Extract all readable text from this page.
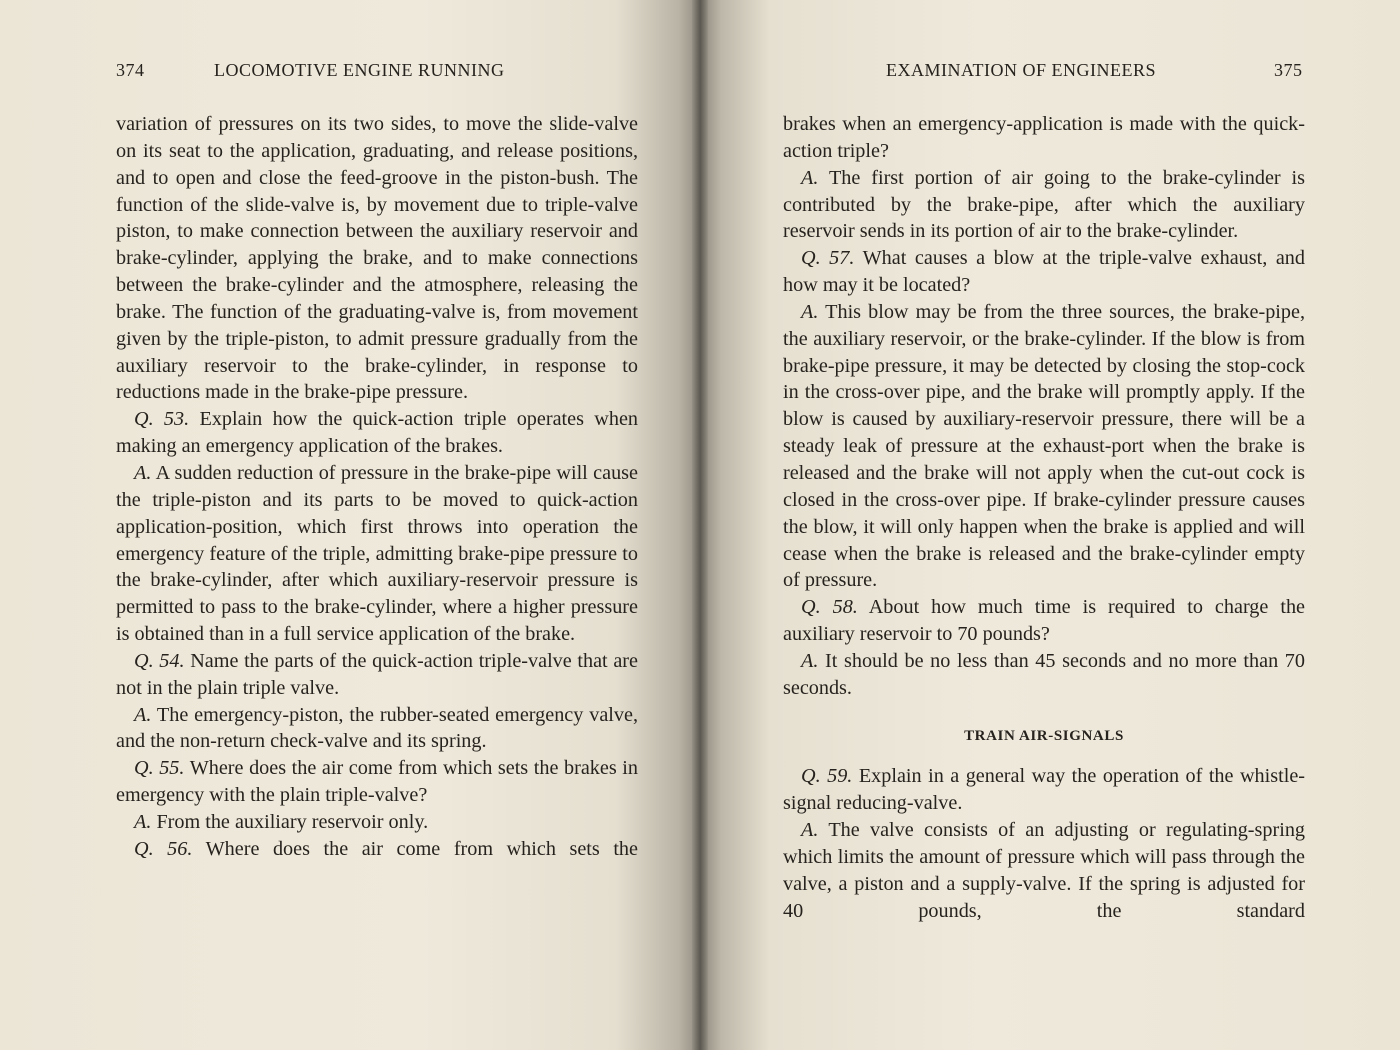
374	LOCOMOTIVE ENGINE RUNNING

variation of pressures on its two sides, to move the slide-valve on its seat to the application, graduating, and release positions, and to open and close the feed-groove in the piston-bush. The function of the slide-valve is, by movement due to triple-valve piston, to make connection between the auxiliary reservoir and brake-cylinder, applying the brake, and to make connections between the brake-cylinder and the atmosphere, releasing the brake. The function of the graduating-valve is, from movement given by the triple-piston, to admit pressure gradually from the auxiliary reservoir to the brake-cylinder, in response to reductions made in the brake-pipe pressure.

Q. 53. Explain how the quick-action triple operates when making an emergency application of the brakes.

A. A sudden reduction of pressure in the brake-pipe will cause the triple-piston and its parts to be moved to quick-action application-position, which first throws into operation the emergency feature of the triple, admitting brake-pipe pressure to the brake-cylinder, after which auxiliary-reservoir pressure is permitted to pass to the brake-cylinder, where a higher pressure is obtained than in a full service application of the brake.

Q. 54. Name the parts of the quick-action triple-valve that are not in the plain triple valve.

A. The emergency-piston, the rubber-seated emergency valve, and the non-return check-valve and its spring.

Q. 55. Where does the air come from which sets the brakes in emergency with the plain triple-valve?

A. From the auxiliary reservoir only.

Q. 56. Where does the air come from which sets the

EXAMINATION OF ENGINEERS	375

brakes when an emergency-application is made with the quick-action triple?

A. The first portion of air going to the brake-cylinder is contributed by the brake-pipe, after which the auxiliary reservoir sends in its portion of air to the brake-cylinder.

Q. 57. What causes a blow at the triple-valve exhaust, and how may it be located?

A. This blow may be from the three sources, the brake-pipe, the auxiliary reservoir, or the brake-cylinder. If the blow is from brake-pipe pressure, it may be detected by closing the stop-cock in the cross-over pipe, and the brake will promptly apply. If the blow is caused by auxiliary-reservoir pressure, there will be a steady leak of pressure at the exhaust-port when the brake is released and the brake will not apply when the cut-out cock is closed in the cross-over pipe. If brake-cylinder pressure causes the blow, it will only happen when the brake is applied and will cease when the brake is released and the brake-cylinder empty of pressure.

Q. 58. About how much time is required to charge the auxiliary reservoir to 70 pounds?

A. It should be no less than 45 seconds and no more than 70 seconds.

TRAIN AIR-SIGNALS

Q. 59. Explain in a general way the operation of the whistle-signal reducing-valve.

A. The valve consists of an adjusting or regulating-spring which limits the amount of pressure which will pass through the valve, a piston and a supply-valve. If the spring is adjusted for 40 pounds, the standard
